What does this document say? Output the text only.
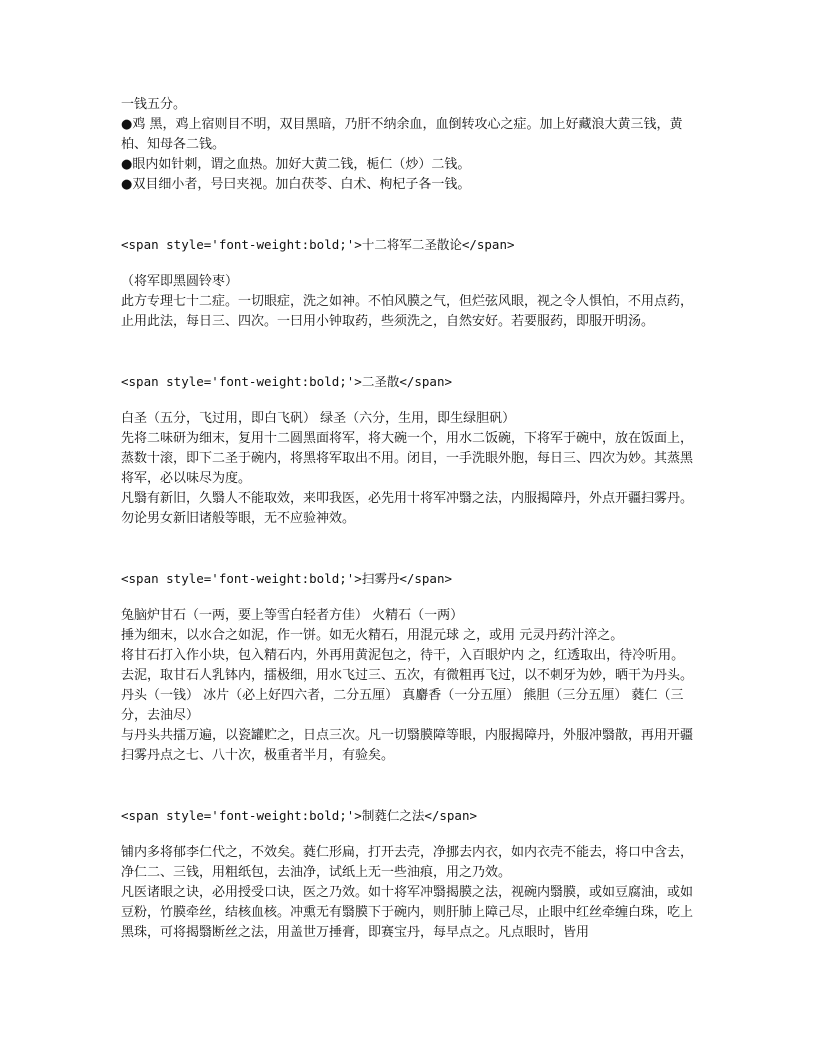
一钱五分。

●鸡 黑，鸡上宿则目不明，双目黑暗，乃肝不纳余血，血倒转攻心之症。加上好藏浪大黄三钱，黄柏、知母各二钱。

●眼内如针刺，谓之血热。加好大黄二钱，栀仁（炒）二钱。

●双目细小者，号曰夹视。加白茯苓、白术、枸杞子各一钱。

<span style='font-weight:bold;'>十二将军二圣散论</span>

（将军即黑圆铃枣）

此方专理七十二症。一切眼症，洗之如神。不怕风膜之气，但烂弦风眼，视之令人惧怕，不用点药，止用此法，每日三、四次。一曰用小钟取药，些须洗之，自然安好。若要服药，即服开明汤。

<span style='font-weight:bold;'>二圣散</span>

白圣（五分，飞过用，即白飞矾） 绿圣（六分，生用，即生绿胆矾）

先将二味研为细末，复用十二圆黑面将军，将大碗一个，用水二饭碗，下将军于碗中，放在饭面上，蒸数十滚，即下二圣于碗内，将黑将军取出不用。闭目，一手洗眼外胞，每日三、四次为妙。其蒸黑将军，必以味尽为度。

凡翳有新旧，久翳人不能取效，来叩我医，必先用十将军冲翳之法，内服揭障丹，外点开疆扫雾丹。

勿论男女新旧诸般等眼，无不应验神效。

<span style='font-weight:bold;'>扫雾丹</span>

兔脑炉甘石（一两，要上等雪白轻者方佳） 火精石（一两）

捶为细末，以水合之如泥，作一饼。如无火精石，用混元球 之，或用 元灵丹药汁淬之。

将甘石打入作小块，包入精石内，外再用黄泥包之，待干，入百眼炉内 之，红透取出，待冷听用。

去泥，取甘石人乳钵内，擂极细，用水飞过三、五次，有微粗再飞过，以不刺牙为妙，晒干为丹头。

丹头（一钱） 冰片（必上好四六者，二分五厘） 真麝香（一分五厘） 熊胆（三分五厘） 蕤仁（三分，去油尽）

与丹头共擂万遍，以瓷罐贮之，日点三次。凡一切翳膜障等眼，内服揭障丹，外服冲翳散，再用开疆扫雾丹点之七、八十次，极重者半月，有验矣。

<span style='font-weight:bold;'>制蕤仁之法</span>

铺内多将郁李仁代之，不效矣。蕤仁形扁，打开去壳，净挪去内衣，如内衣壳不能去，将口中含去，净仁二、三钱，用粗纸包，去油净，试纸上无一些油痕，用之乃效。

凡医诸眼之诀，必用授受口诀，医之乃效。如十将军冲翳揭膜之法，视碗内翳膜，或如豆腐油，或如豆粉，竹膜牵丝，结核血核。冲熏无有翳膜下于碗内，则肝肺上障己尽，止眼中红丝牵缠白珠，吃上黑珠，可将揭翳断丝之法，用盖世万捶膏，即赛宝丹，每早点之。凡点眼时，皆用
